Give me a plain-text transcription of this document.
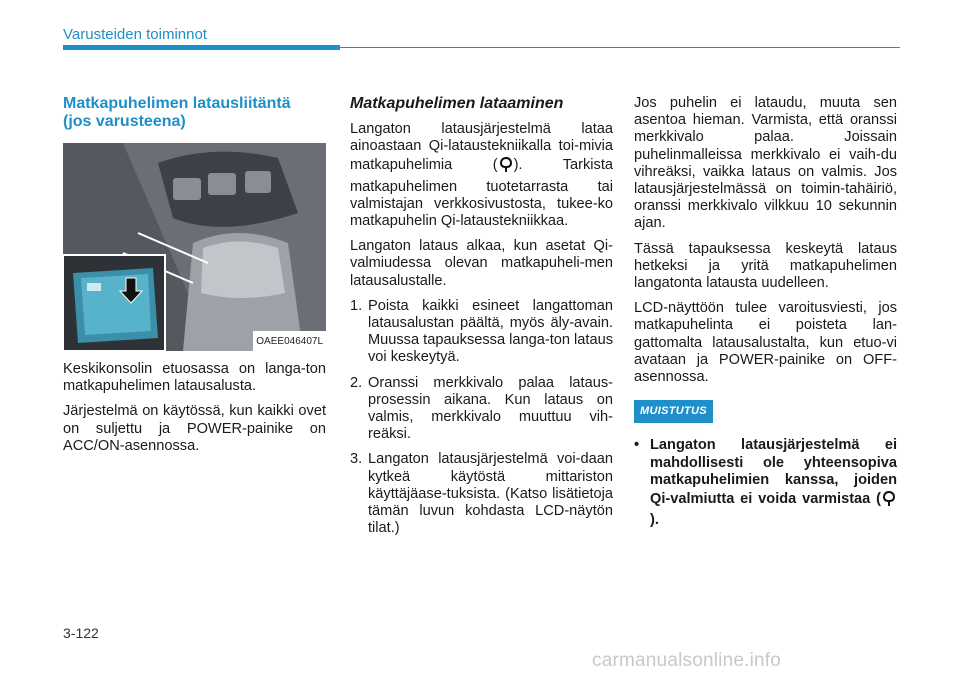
Varusteiden toiminnot
Matkapuhelimen latausliitäntä
(jos varusteena)
OAEE046407L

Keskikonsolin etuosassa on langa-ton matkapuhelimen latausalusta.

Järjestelmä on käytössä, kun kaikki ovet on suljettu ja POWER-painike on ACC/ON-asennossa.

Matkapuhelimen lataaminen

Langaton latausjärjestelmä lataa ainoastaan Qi-lataustekniikalla toi-mivia matkapuhelimia ( ). Tarkista matkapuhelimen tuotetarrasta tai valmistajan verkkosivustosta, tukee-ko matkapuhelin Qi-lataustekniikkaa.

Langaton lataus alkaa, kun asetat Qi-valmiudessa olevan matkapuheli-men latausalustalle.

1. Poista kaikki esineet langattoman latausalustan päältä, myös äly-avain. Muussa tapauksessa langa-ton lataus voi keskeytyä.
2. Oranssi merkkivalo palaa lataus-prosessin aikana. Kun lataus on valmis, merkkivalo muuttuu vih-reäksi.
3. Langaton latausjärjestelmä voi-daan kytkeä käytöstä mittariston käyttäjäase-tuksista. (Katso lisätietoja tämän luvun kohdasta LCD-näytön tilat.)

Jos puhelin ei lataudu, muuta sen asentoa hieman. Varmista, että oranssi merkkivalo palaa. Joissain puhelinmalleissa merkkivalo ei vaih-du vihreäksi, vaikka lataus on valmis. Jos latausjärjestelmässä on toimin-tahäiriö, oranssi merkkivalo vilkkuu 10 sekunnin ajan.

Tässä tapauksessa keskeytä lataus hetkeksi ja yritä matkapuhelimen langatonta latausta uudelleen.

LCD-näyttöön tulee varoitusviesti, jos matkapuhelinta ei poisteta lan-gattomalta latausalustalta, kun etuo-vi avataan ja POWER-painike on OFF-asennossa.

MUISTUTUS
• Langaton latausjärjestelmä ei mahdollisesti ole yhteensopiva matkapuhelimien kanssa, joiden Qi-valmiutta ei voida varmistaa ().
3-122
carmanualsonline.info
